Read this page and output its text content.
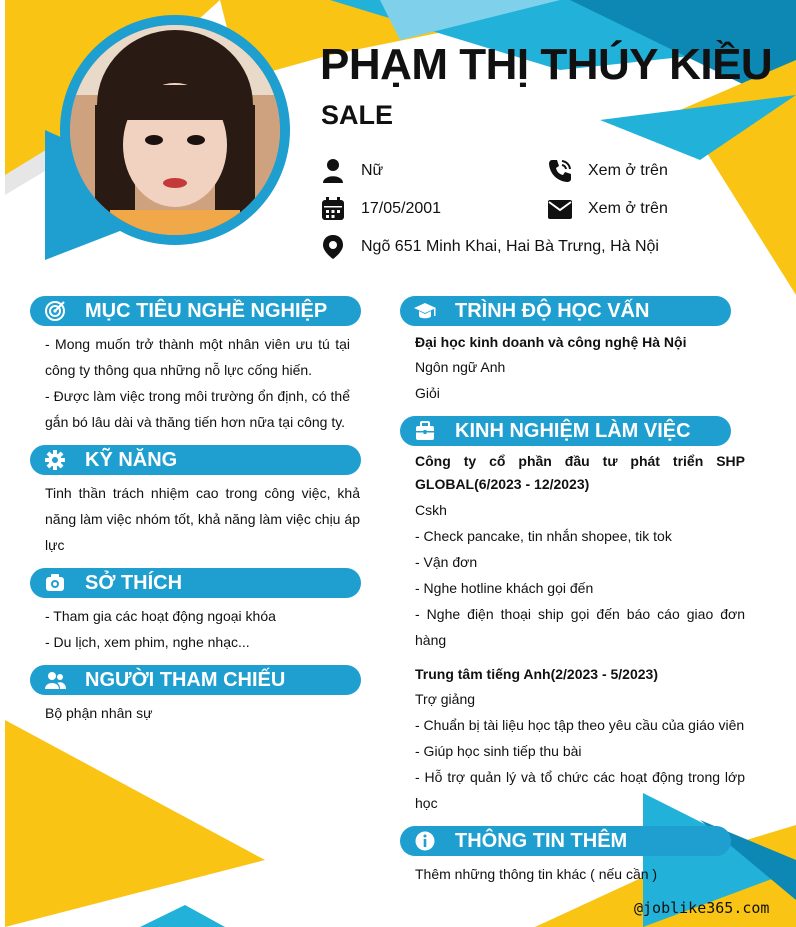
PHẠM THỊ THÚY KIỀU
SALE
Nữ
17/05/2001
Ngõ 651 Minh Khai, Hai Bà Trưng, Hà Nội
Xem ở trên
Xem ở trên
MỤC TIÊU NGHỀ NGHIỆP
- Mong muốn trở thành một nhân viên ưu tú tại công ty thông qua những nỗ lực cống hiến.
- Được làm việc trong môi trường ổn định, có thể gắn bó lâu dài và thăng tiến hơn nữa tại công ty.
KỸ NĂNG
Tinh thần trách nhiệm cao trong công việc, khả năng làm việc nhóm tốt, khả năng làm việc chịu áp lực
SỞ THÍCH
- Tham gia các hoạt động ngoại khóa
- Du lịch, xem phim, nghe nhạc...
NGƯỜI THAM CHIẾU
Bộ phận nhân sự
TRÌNH ĐỘ HỌC VẤN
Đại học kinh doanh và công nghệ Hà Nội
Ngôn ngữ Anh
Giỏi
KINH NGHIỆM LÀM VIỆC
Công ty cổ phần đầu tư phát triển SHP GLOBAL(6/2023 - 12/2023)
Cskh
- Check pancake, tin nhắn shopee, tik tok
- Vận đơn
- Nghe hotline khách gọi đến
- Nghe điện thoại ship gọi đến báo cáo giao đơn hàng
Trung tâm tiếng Anh(2/2023 - 5/2023)
Trợ giảng
- Chuẩn bị tài liệu học tập theo yêu cầu của giáo viên
- Giúp học sinh tiếp thu bài
- Hỗ trợ quản lý và tổ chức các hoạt động trong lớp học
THÔNG TIN THÊM
Thêm những thông tin khác ( nếu cần )
@joblike365.com
